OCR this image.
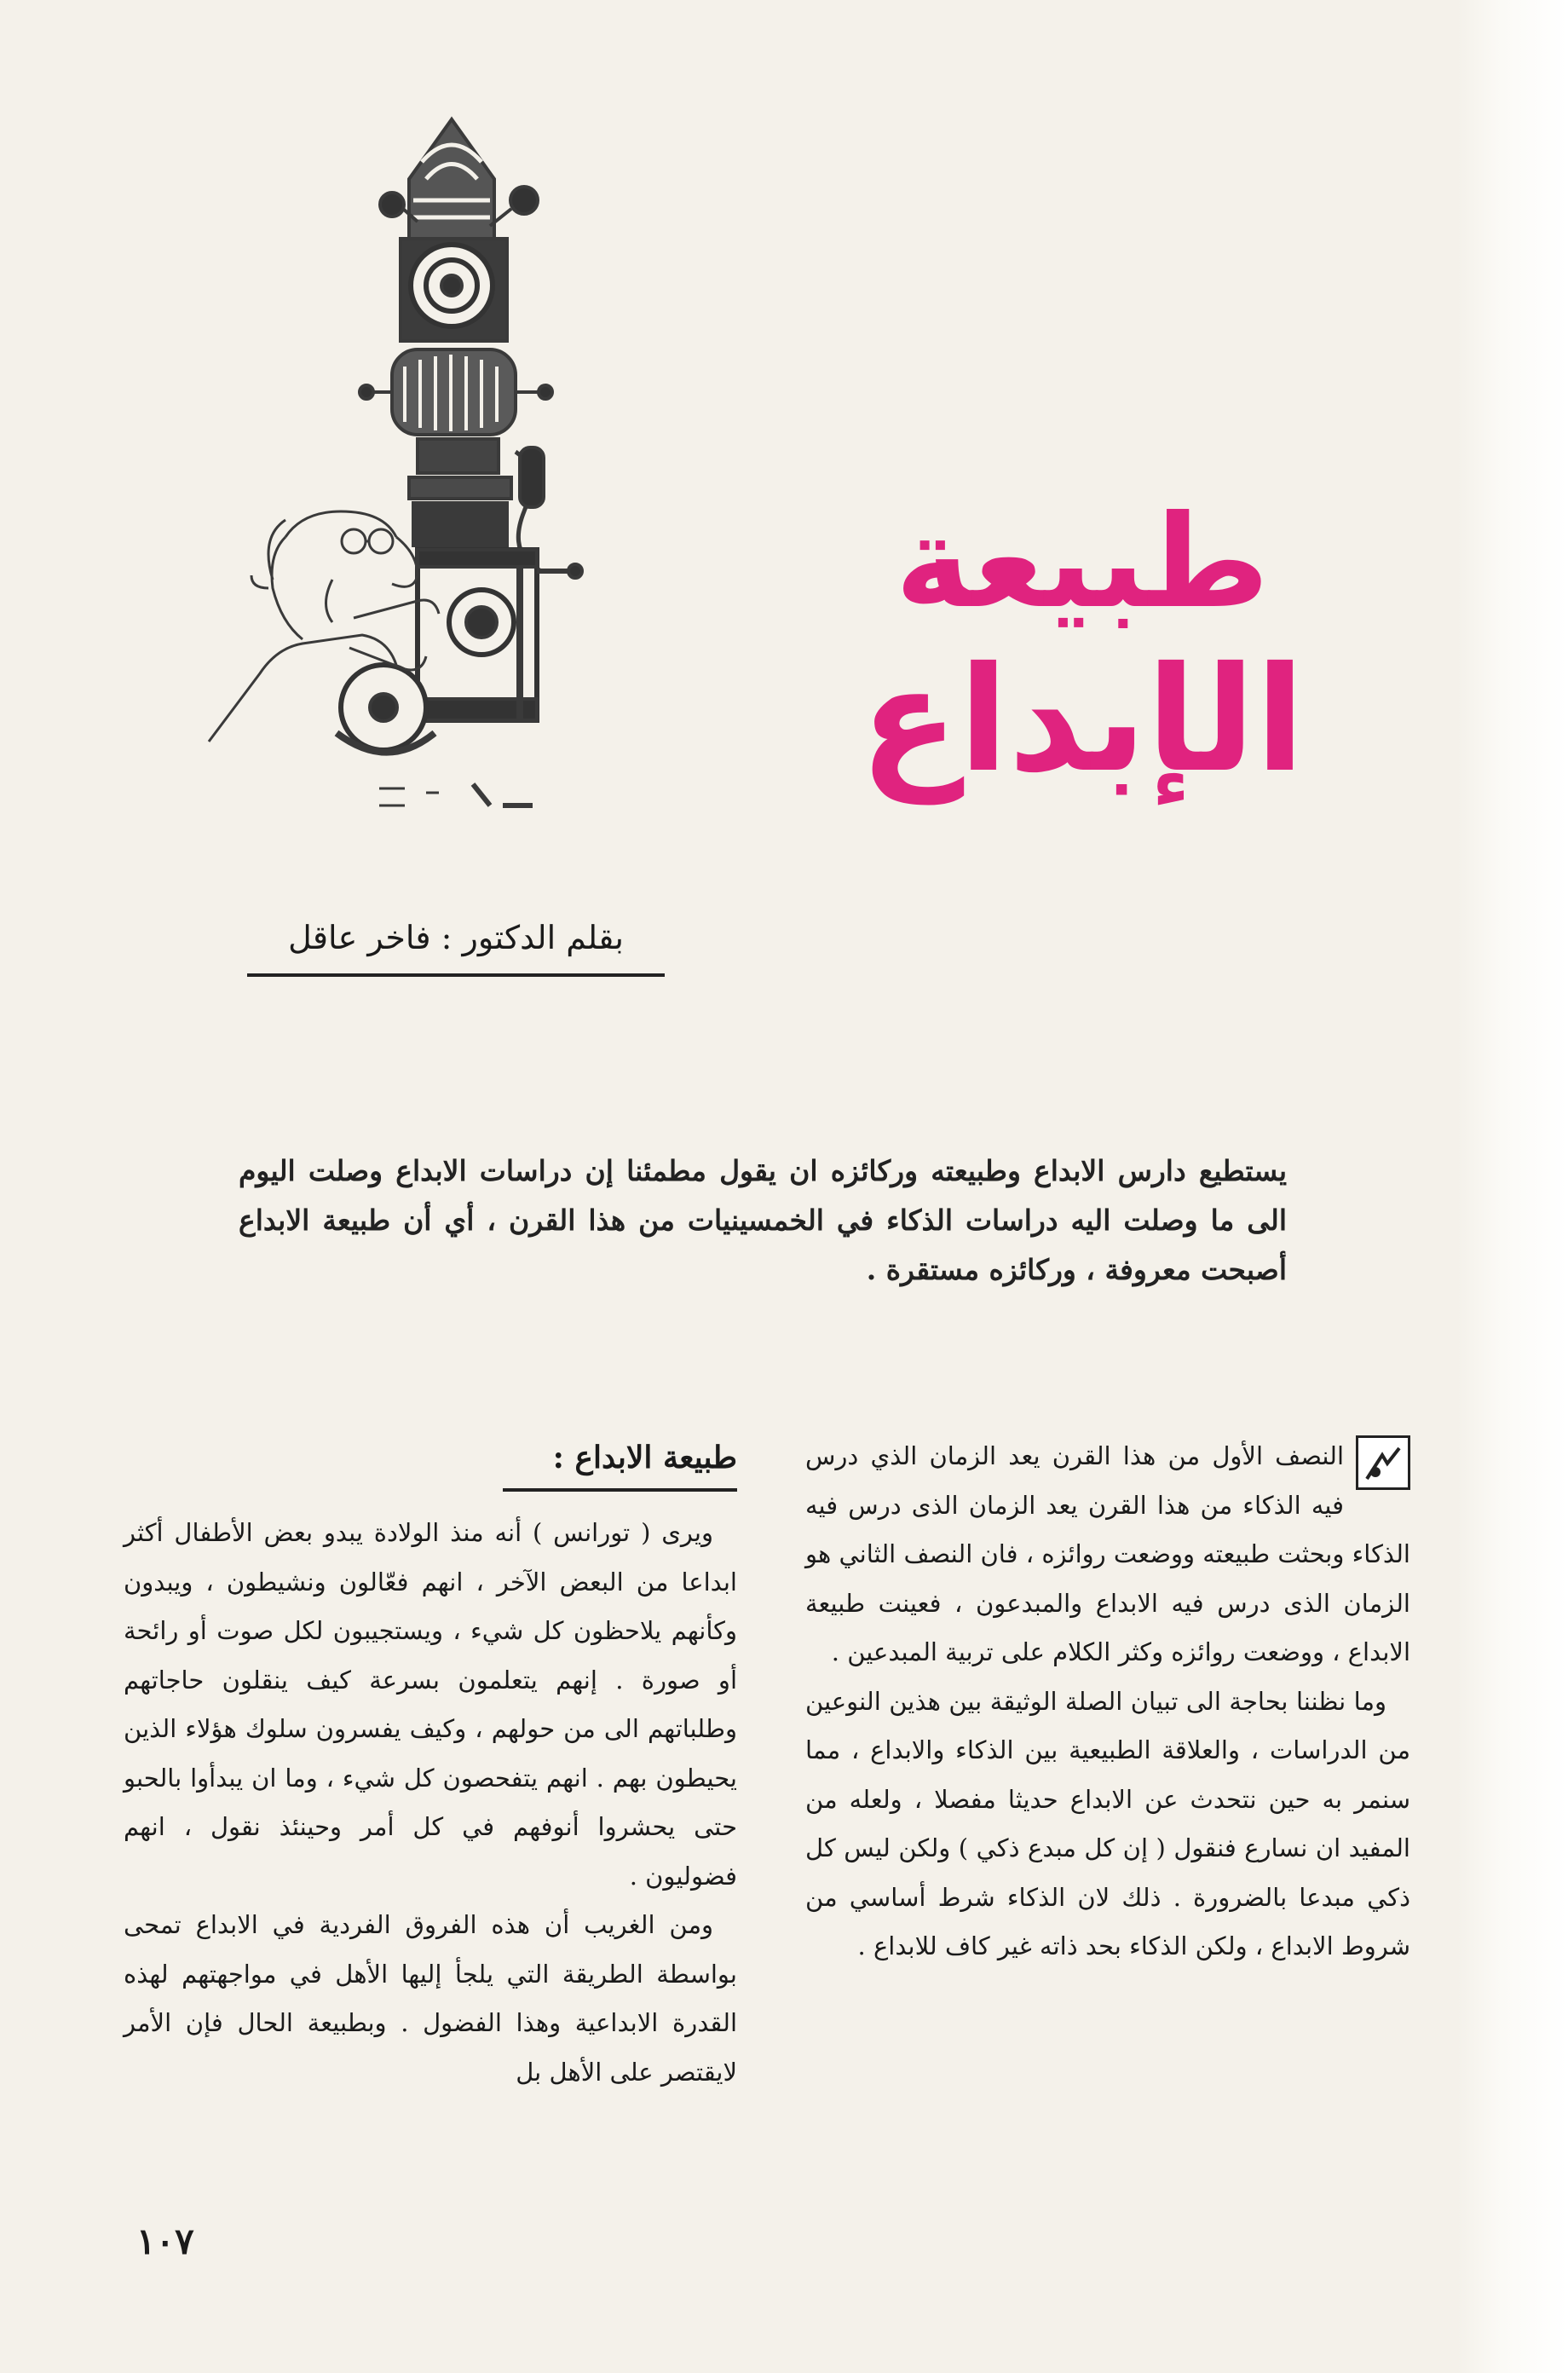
طبيعة
الإبداع
بقلم الدكتور : فاخر عاقل
يستطيع دارس الابداع وطبيعته وركائزه ان يقول مطمئنا إن دراسات الابداع وصلت اليوم الى ما وصلت اليه دراسات الذكاء في الخمسينيات من هذا القرن ، أي أن طبيعة الابداع أصبحت معروفة ، وركائزه مستقرة .

النصف الأول من هذا القرن يعد الزمان الذي درس فيه الذكاء من هذا القرن يعد الزمان الذى درس فيه الذكاء وبحثت طبيعته ووضعت روائزه ، فان النصف الثاني هو الزمان الذى درس فيه الابداع والمبدعون ، فعينت طبيعة الابداع ، ووضعت روائزه وكثر الكلام على تربية المبدعين .

وما نظننا بحاجة الى تبيان الصلة الوثيقة بين هذين النوعين من الدراسات ، والعلاقة الطبيعية بين الذكاء والابداع ، مما سنمر به حين نتحدث عن الابداع حديثا مفصلا ، ولعله من المفيد ان نسارع فنقول ( إن كل مبدع ذكي ) ولكن ليس كل ذكي مبدعا بالضرورة . ذلك لان الذكاء شرط أساسي من شروط الابداع ، ولكن الذكاء بحد ذاته غير كاف للابداع .

طبيعة الابداع :

ويرى ( تورانس ) أنه منذ الولادة يبدو بعض الأطفال أكثر ابداعا من البعض الآخر ، انهم فعّالون ونشيطون ، ويبدون وكأنهم يلاحظون كل شيء ، ويستجيبون لكل صوت أو رائحة أو صورة . إنهم يتعلمون بسرعة كيف ينقلون حاجاتهم وطلباتهم الى من حولهم ، وكيف يفسرون سلوك هؤلاء الذين يحيطون بهم . انهم يتفحصون كل شيء ، وما ان يبدأوا بالحبو حتى يحشروا أنوفهم في كل أمر وحينئذ نقول ، انهم فضوليون .

ومن الغريب أن هذه الفروق الفردية في الابداع تمحى بواسطة الطريقة التي يلجأ إليها الأهل في مواجهتهم لهذه القدرة الابداعية وهذا الفضول . وبطبيعة الحال فإن الأمر لايقتصر على الأهل بل

١٠٧
